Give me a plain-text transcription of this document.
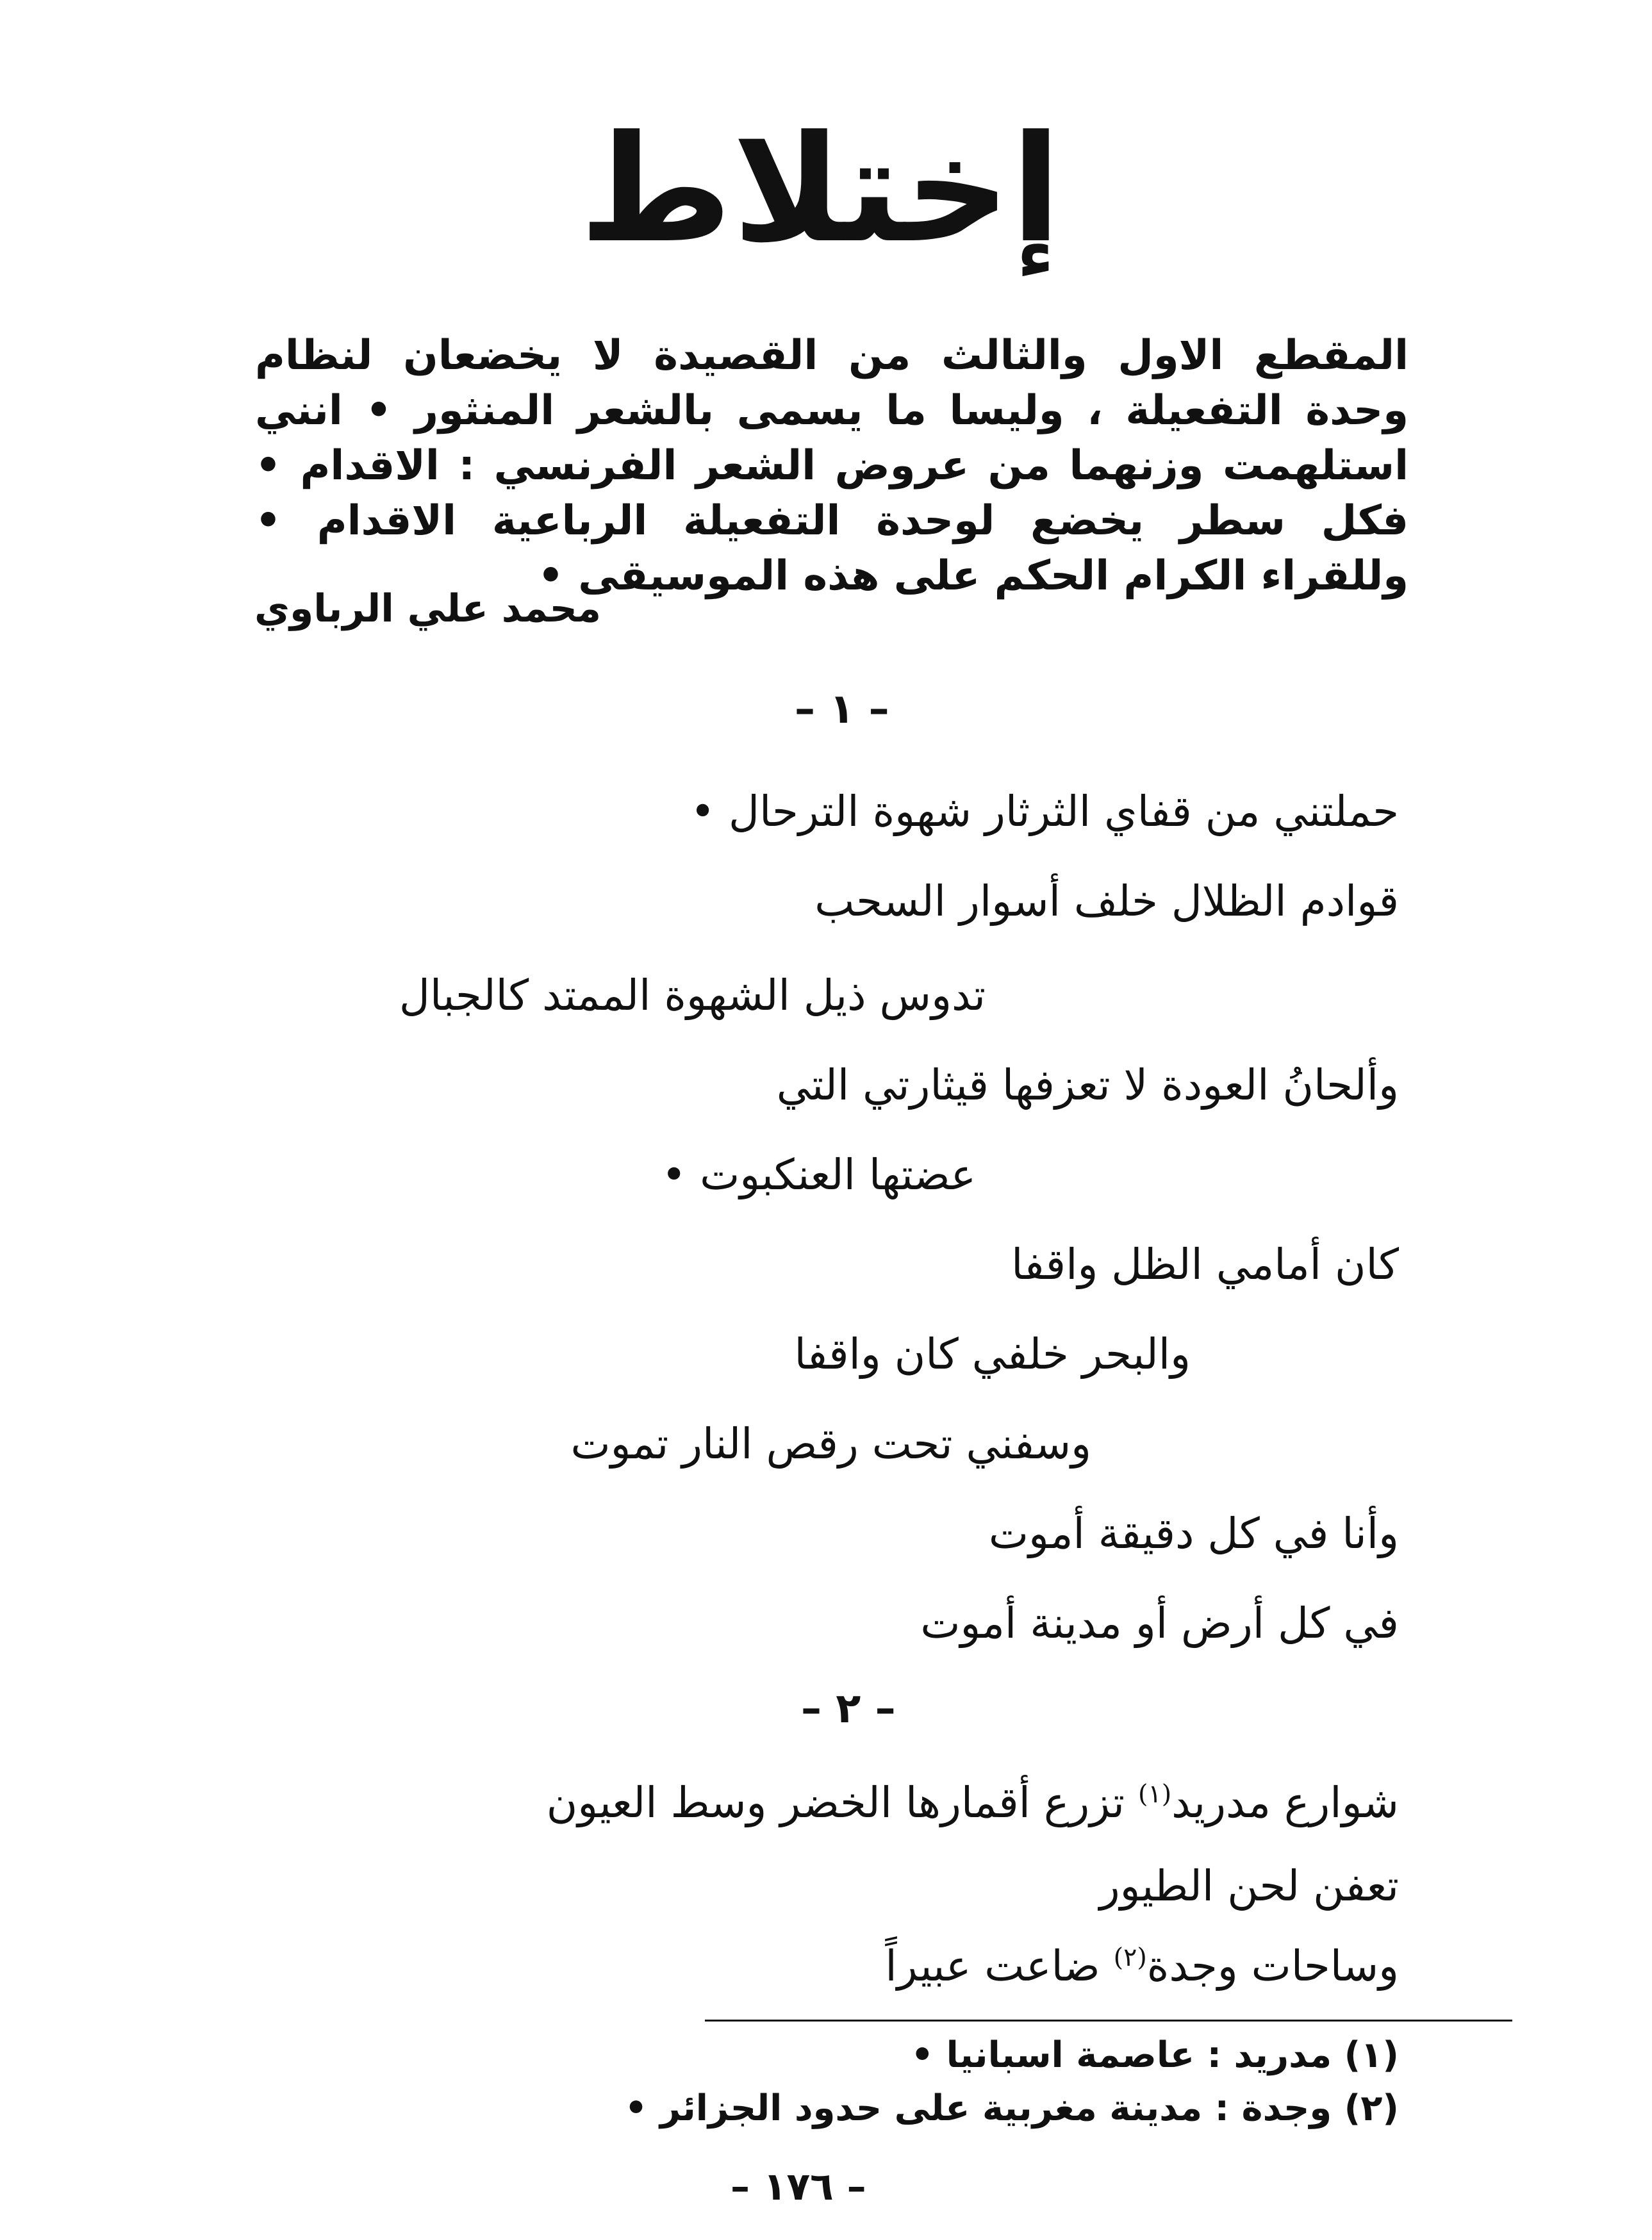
إختلاط
المقطع الاول والثالث من القصيدة لا يخضعان لنظام وحدة التفعيلة ، وليسا ما يسمى بالشعر المنثور • انني استلهمت وزنهما من عروض الشعر الفرنسي : الاقدام • فكل سطر يخضع لوحدة التفعيلة الرباعية الاقدام • وللقراء الكرام الحكم على هذه الموسيقى •
محمد علي الرباوي
– ١ –
حملتني من قفاي الثرثار شهوة الترحال •
قوادم الظلال خلف أسوار السحب
تدوس ذيل الشهوة الممتد كالجبال
وألحانُ العودة لا تعزفها قيثارتي التي
عضتها العنكبوت •
كان أمامي الظل واقفا
والبحر خلفي كان واقفا
وسفني تحت رقص النار تموت
وأنا في كل دقيقة أموت
في كل أرض أو مدينة أموت
– ٢ –
شوارع مدريد$^{(١)}$ تزرع أقمارها الخضر وسط العيون
تعفن لحن الطيور
وساحات وجدة$^{(٢)}$ ضاعت عبيراً
(١) مدريد : عاصمة اسبانيا •
(٢) وجدة : مدينة مغربية على حدود الجزائر •
– ١٧٦ –
